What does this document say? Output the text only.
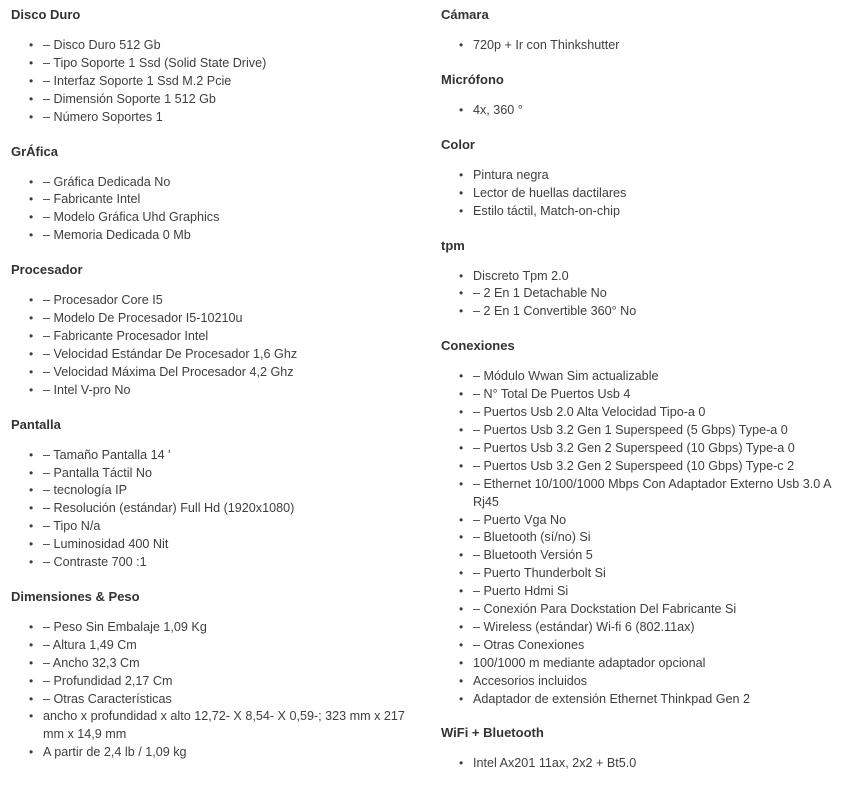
Disco Duro
• – Disco Duro 512 Gb
• – Tipo Soporte 1 Ssd (Solid State Drive)
• – Interfaz Soporte 1 Ssd M.2 Pcie
• – Dimensión Soporte 1 512 Gb
• – Número Soportes 1
GrÁfica
• – Gráfica Dedicada No
• – Fabricante Intel
• – Modelo Gráfica Uhd Graphics
• – Memoria Dedicada 0 Mb
Procesador
• – Procesador Core I5
• – Modelo De Procesador I5-10210u
• – Fabricante Procesador Intel
• – Velocidad Estándar De Procesador 1,6 Ghz
• – Velocidad Máxima Del Procesador 4,2 Ghz
• – Intel V-pro No
Pantalla
• – Tamaño Pantalla 14 '
• – Pantalla Táctil No
• – tecnología IP
• – Resolución (estándar) Full Hd (1920x1080)
• – Tipo N/a
• – Luminosidad 400 Nit
• – Contraste 700 :1
Dimensiones & Peso
• – Peso Sin Embalaje 1,09 Kg
• – Altura 1,49 Cm
• – Ancho 32,3 Cm
• – Profundidad 2,17 Cm
• – Otras Características
• ancho x profundidad x alto 12,72- X 8,54- X 0,59-; 323 mm x 217 mm x 14,9 mm
• A partir de 2,4 lb / 1,09 kg
Cámara
• 720p + Ir con Thinkshutter
Micrófono
• 4x, 360 °
Color
• Pintura negra
• Lector de huellas dactilares
• Estilo táctil, Match-on-chip
tpm
• Discreto Tpm 2.0
• – 2 En 1 Detachable No
• – 2 En 1 Convertible 360° No
Conexiones
• – Módulo Wwan Sim actualizable
• – N° Total De Puertos Usb 4
• – Puertos Usb 2.0 Alta Velocidad Tipo-a 0
• – Puertos Usb 3.2 Gen 1 Superspeed (5 Gbps) Type-a 0
• – Puertos Usb 3.2 Gen 2 Superspeed (10 Gbps) Type-a 0
• – Puertos Usb 3.2 Gen 2 Superspeed (10 Gbps) Type-c 2
• – Ethernet 10/100/1000 Mbps Con Adaptador Externo Usb 3.0 A Rj45
• – Puerto Vga No
• – Bluetooth (sí/no) Si
• – Bluetooth Versión 5
• – Puerto Thunderbolt Si
• – Puerto Hdmi Si
• – Conexión Para Dockstation Del Fabricante Si
• – Wireless (estándar) Wi-fi 6 (802.11ax)
• – Otras Conexiones
• 100/1000 m mediante adaptador opcional
• Accesorios incluidos
• Adaptador de extensión Ethernet Thinkpad Gen 2
WiFi + Bluetooth
• Intel Ax201 11ax, 2x2 + Bt5.0
